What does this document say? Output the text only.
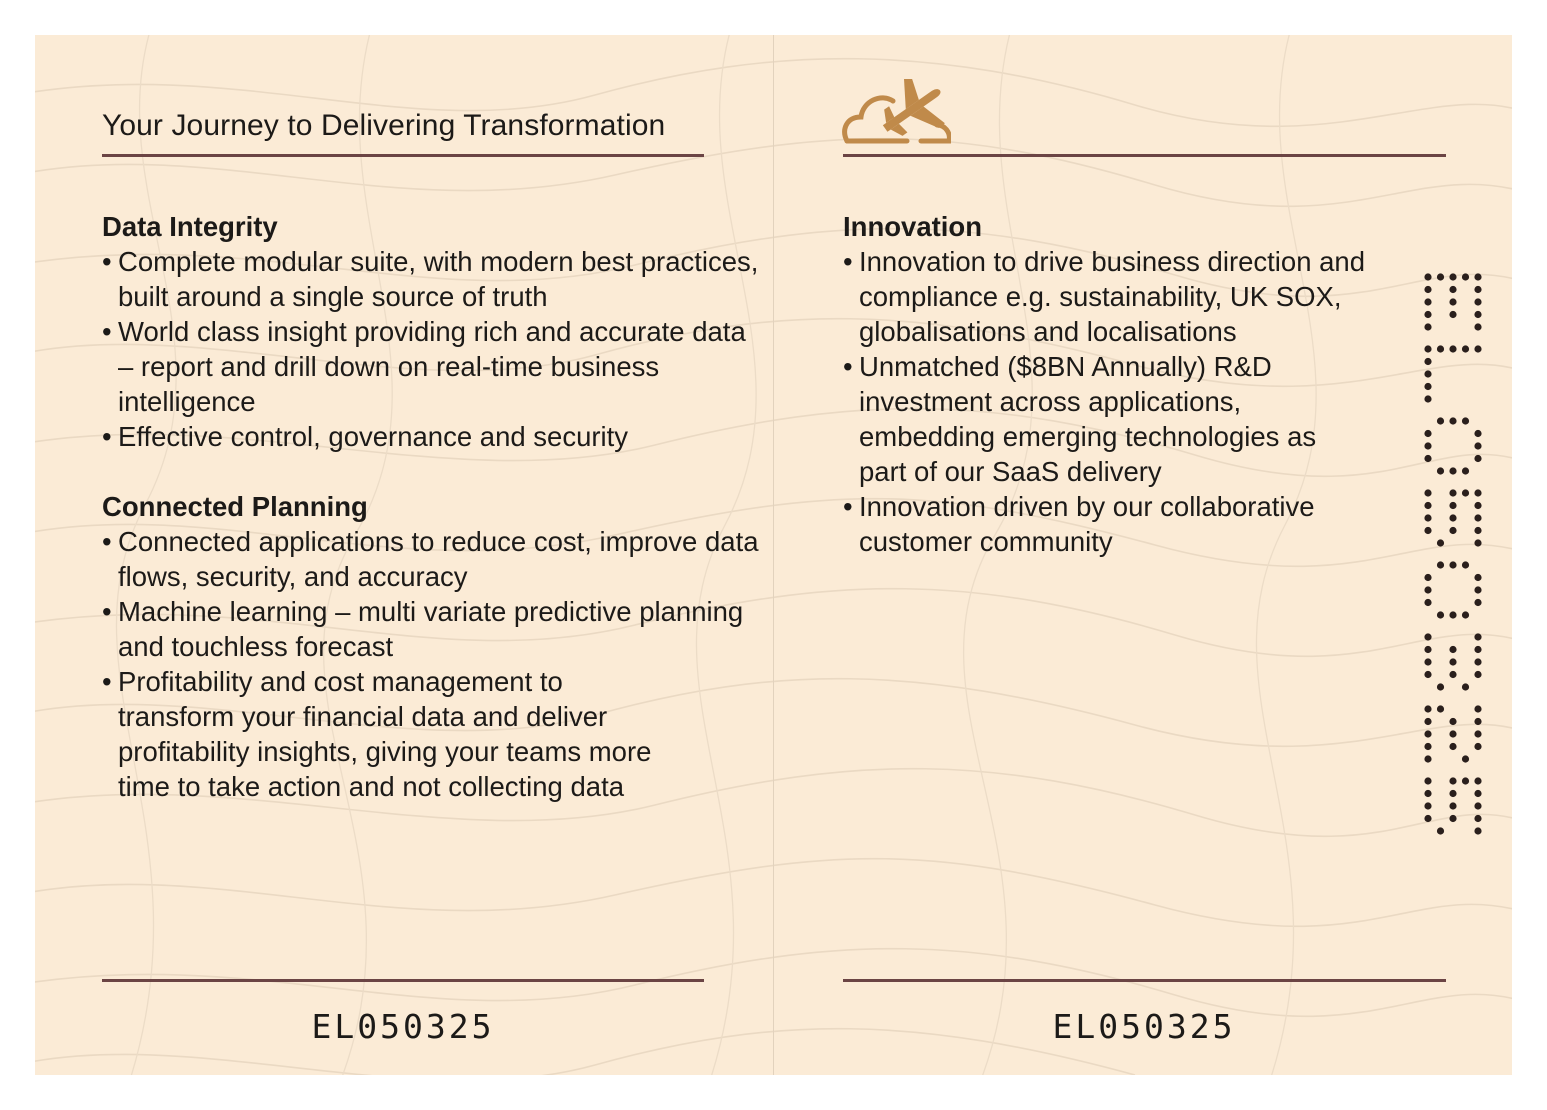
Your Journey to Delivering Transformation
Data Integrity
• Complete modular suite, with modern best practices, built around a single source of truth
• World class insight providing rich and accurate data – report and drill down on real-time business intelligence
• Effective control, governance and security
Connected Planning
• Connected applications to reduce cost, improve data flows, security, and accuracy
• Machine learning – multi variate predictive planning and touchless forecast
• Profitability and cost management to transform your financial data and deliver profitability insights, giving your teams more time to take action and not collecting data
EL050325
Innovation
• Innovation to drive business direction and compliance e.g. sustainability, UK SOX, globalisations and localisations
• Unmatched ($8BN Annually) R&D investment across applications, embedding emerging technologies as part of our SaaS delivery
• Innovation driven by our collaborative customer community
EL050325
